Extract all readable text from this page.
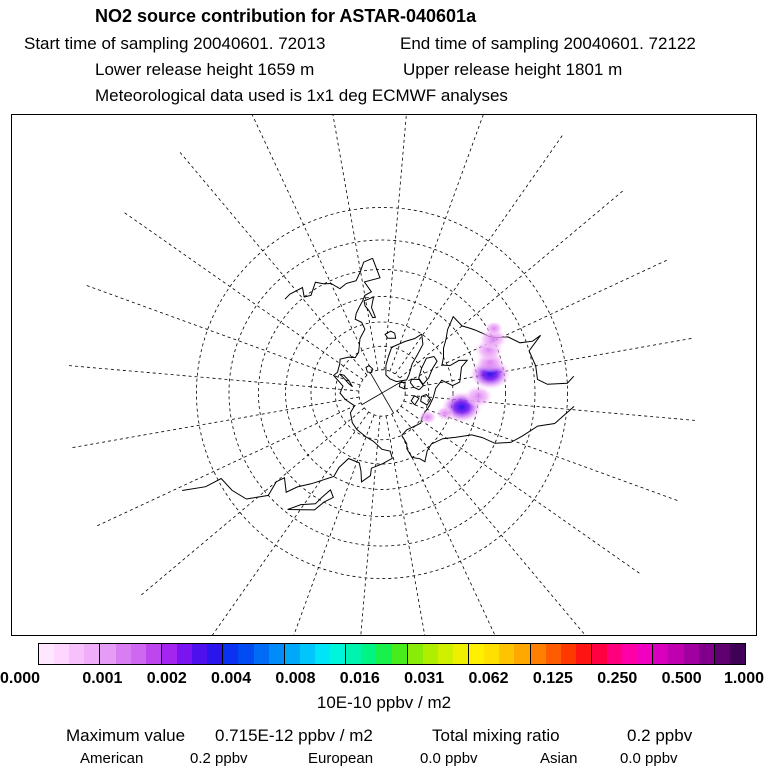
NO2 source contribution for ASTAR-040601a
Start time of sampling 20040601. 72013	End time of sampling 20040601. 72122
Lower release height 1659 m	Upper release height 1801 m
Meteorological data used is 1x1 deg ECMWF analyses
0.000	0.001 0.002 0.004 0.008 0.016 0.031 0.062 0.125 0.250 0.500 1.000
10E-10 ppbv / m2
Maximum value 0.715E-12 ppbv / m2	Total mixing ratio	0.2 ppbv
American	0.2 ppbv	European	0.0 ppbv	Asian	0.0 ppbv
